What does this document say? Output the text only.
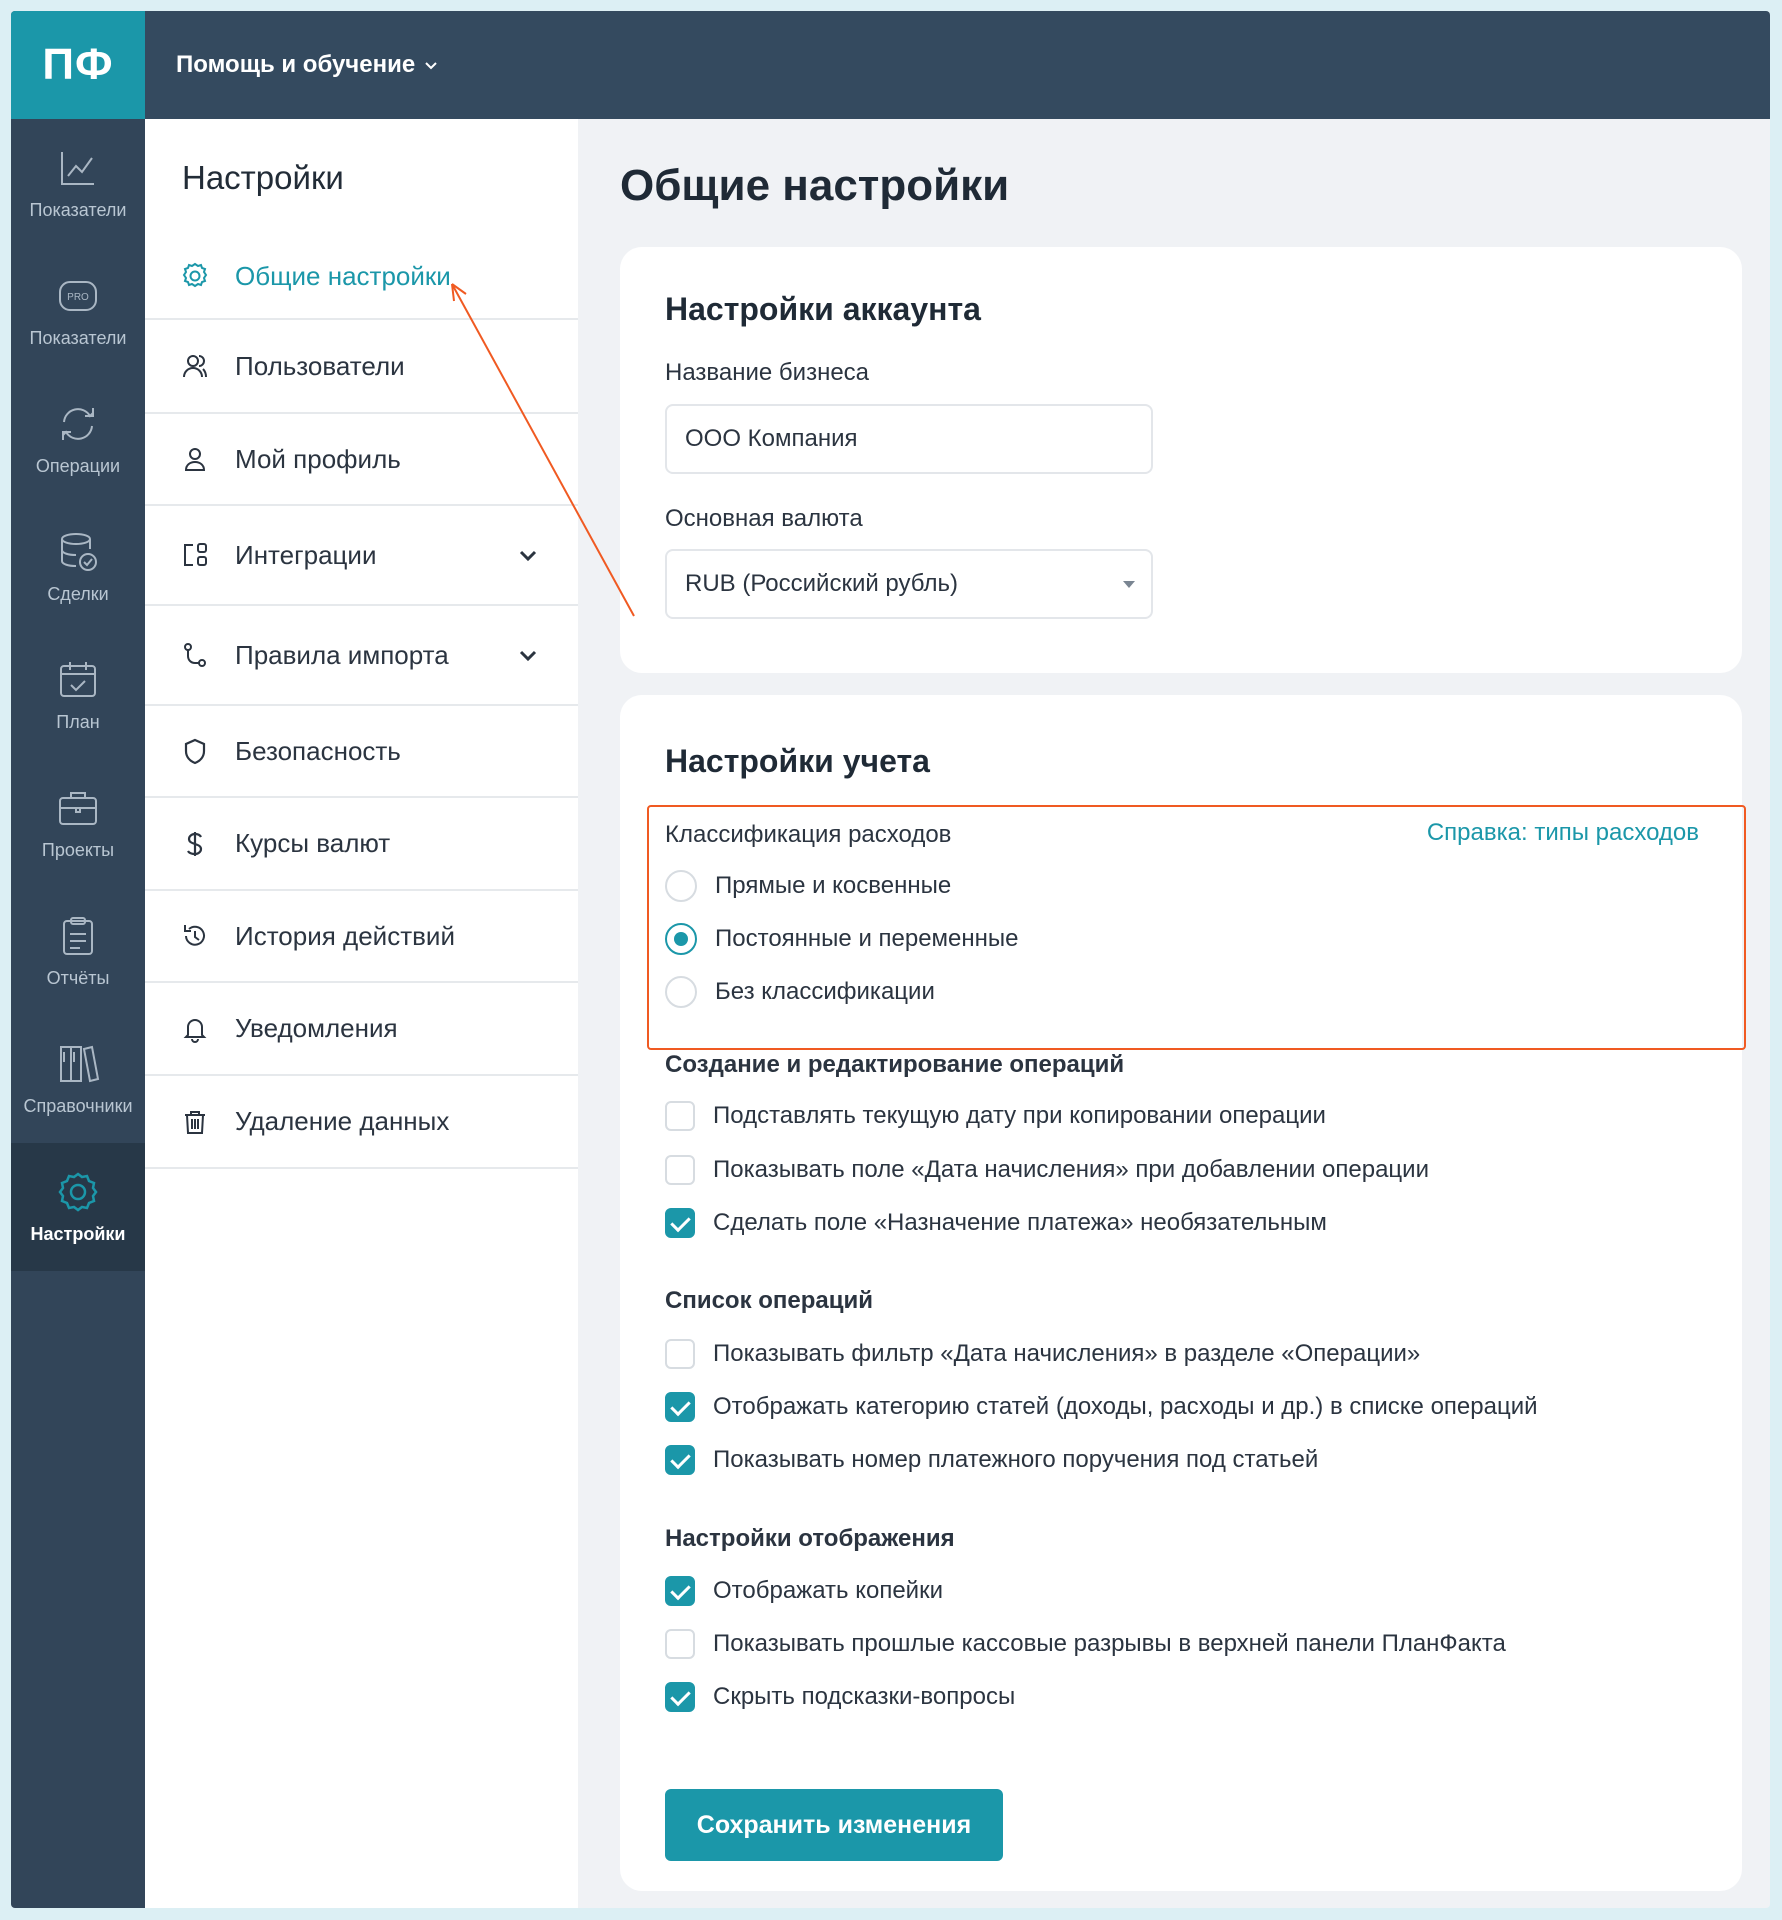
ПФ
Показатели
PRO
Показатели
Операции
Сделки
План
Проекты
Отчёты
Справочники
Настройки
Помощь и обучение
Настройки
Общие настройки
Пользователи
Мой профиль
Интеграции
Правила импорта
Безопасность
Курсы валют
История действий
Уведомления
Удаление данных
Общие настройки
Настройки аккаунта
Название бизнеса
ООО Компания
Основная валюта
RUB (Российский рубль)
Настройки учета
Классификация расходов	Справка: типы расходов
Прямые и косвенные
Постоянные и переменные
Без классификации
Создание и редактирование операций
Подставлять текущую дату при копировании операции
Показывать поле «Дата начисления» при добавлении операции
Сделать поле «Назначение платежа» необязательным
Список операций
Показывать фильтр «Дата начисления» в разделе «Операции»
Отображать категорию статей (доходы, расходы и др.) в списке операций
Показывать номер платежного поручения под статьей
Настройки отображения
Отображать копейки
Показывать прошлые кассовые разрывы в верхней панели ПланФакта
Скрыть подсказки-вопросы
Сохранить изменения
